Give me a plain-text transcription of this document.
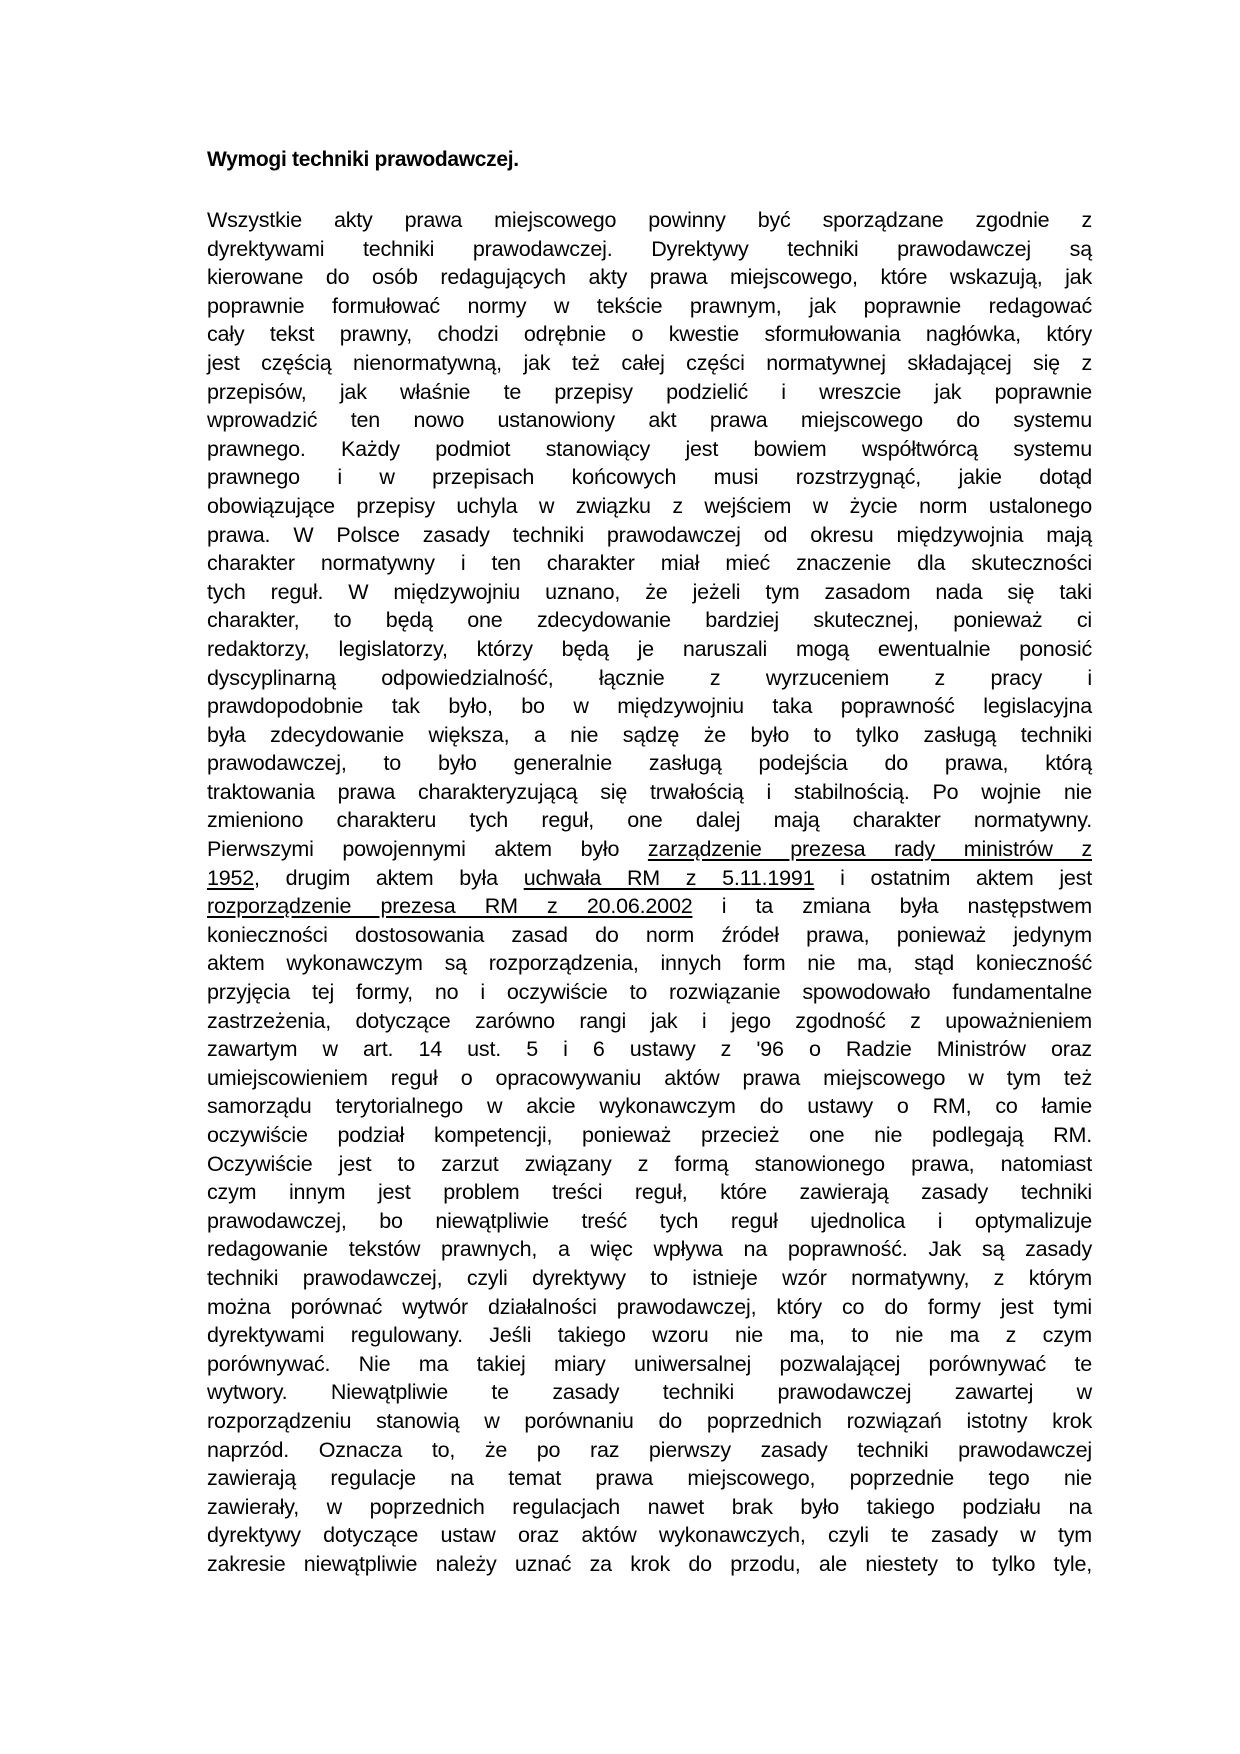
Wymogi techniki prawodawczej.
Wszystkie akty prawa miejscowego powinny być sporządzane zgodnie z
dyrektywami techniki prawodawczej. Dyrektywy techniki prawodawczej są
kierowane do osób redagujących akty prawa miejscowego, które wskazują, jak
poprawnie formułować normy w tekście prawnym, jak poprawnie redagować
cały tekst prawny, chodzi odrębnie o kwestie sformułowania nagłówka, który
jest częścią nienormatywną, jak też całej części normatywnej składającej się z
przepisów, jak właśnie te przepisy podzielić i wreszcie jak poprawnie
wprowadzić ten nowo ustanowiony akt prawa miejscowego do systemu
prawnego. Każdy podmiot stanowiący jest bowiem współtwórcą systemu
prawnego i w przepisach końcowych musi rozstrzygnąć, jakie dotąd
obowiązujące przepisy uchyla w związku z wejściem w życie norm ustalonego
prawa. W Polsce zasady techniki prawodawczej od okresu międzywojnia mają
charakter normatywny i ten charakter miał mieć znaczenie dla skuteczności
tych reguł. W międzywojniu uznano, że jeżeli tym zasadom nada się taki
charakter, to będą one zdecydowanie bardziej skutecznej, ponieważ ci
redaktorzy, legislatorzy, którzy będą je naruszali mogą ewentualnie ponosić
dyscyplinarną odpowiedzialność, łącznie z wyrzuceniem z pracy i
prawdopodobnie tak było, bo w międzywojniu taka poprawność legislacyjna
była zdecydowanie większa, a nie sądzę że było to tylko zasługą techniki
prawodawczej, to było generalnie zasługą podejścia do prawa, którą
traktowania prawa charakteryzującą się trwałością i stabilnością. Po wojnie nie
zmieniono charakteru tych reguł, one dalej mają charakter normatywny.
Pierwszymi powojennymi aktem było zarządzenie prezesa rady ministrów z
1952, drugim aktem była uchwała RM z 5.11.1991 i ostatnim aktem jest
rozporządzenie prezesa RM z 20.06.2002 i ta zmiana była następstwem
konieczności dostosowania zasad do norm źródeł prawa, ponieważ jedynym
aktem wykonawczym są rozporządzenia, innych form nie ma, stąd konieczność
przyjęcia tej formy, no i oczywiście to rozwiązanie spowodowało fundamentalne
zastrzeżenia, dotyczące zarówno rangi jak i jego zgodność z upoważnieniem
zawartym w art. 14 ust. 5 i 6 ustawy z '96 o Radzie Ministrów oraz
umiejscowieniem reguł o opracowywaniu aktów prawa miejscowego w tym też
samorządu terytorialnego w akcie wykonawczym do ustawy o RM, co łamie
oczywiście podział kompetencji, ponieważ przecież one nie podlegają RM.
Oczywiście jest to zarzut związany z formą stanowionego prawa, natomiast
czym innym jest problem treści reguł, które zawierają zasady techniki
prawodawczej, bo niewątpliwie treść tych reguł ujednolica i optymalizuje
redagowanie tekstów prawnych, a więc wpływa na poprawność. Jak są zasady
techniki prawodawczej, czyli dyrektywy to istnieje wzór normatywny, z którym
można porównać wytwór działalności prawodawczej, który co do formy jest tymi
dyrektywami regulowany. Jeśli takiego wzoru nie ma, to nie ma z czym
porównywać. Nie ma takiej miary uniwersalnej pozwalającej porównywać te
wytwory. Niewątpliwie te zasady techniki prawodawczej zawartej w
rozporządzeniu stanowią w porównaniu do poprzednich rozwiązań istotny krok
naprzód. Oznacza to, że po raz pierwszy zasady techniki prawodawczej
zawierają regulacje na temat prawa miejscowego, poprzednie tego nie
zawierały, w poprzednich regulacjach nawet brak było takiego podziału na
dyrektywy dotyczące ustaw oraz aktów wykonawczych, czyli te zasady w tym
zakresie niewątpliwie należy uznać za krok do przodu, ale niestety to tylko tyle,
